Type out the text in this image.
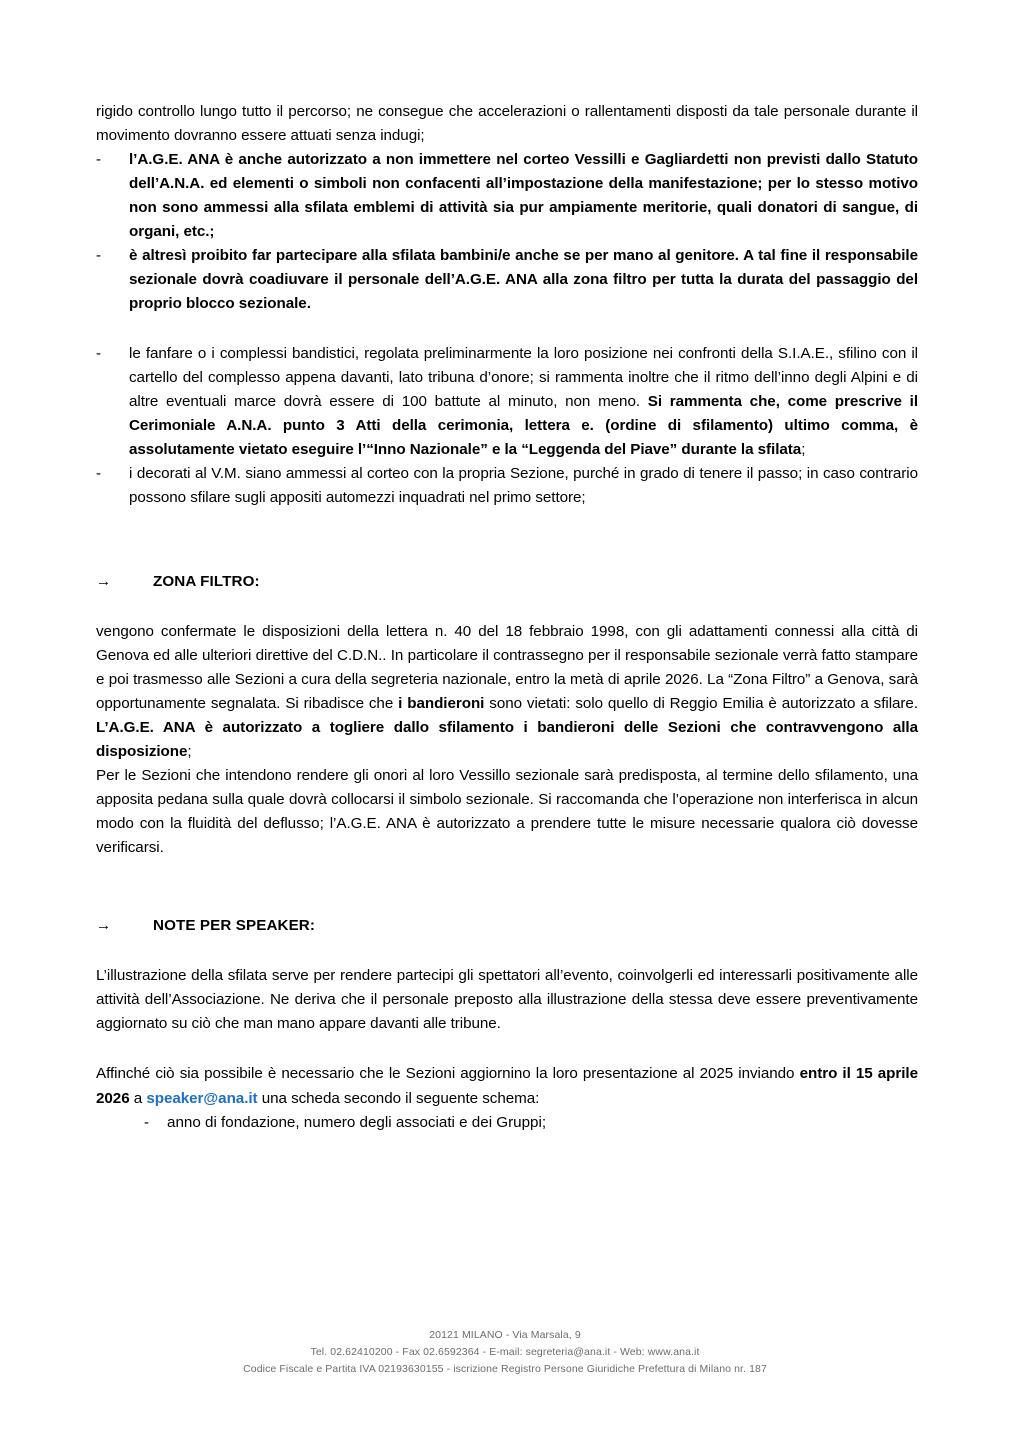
rigido controllo lungo tutto il percorso; ne consegue che accelerazioni o rallentamenti disposti da tale personale durante il movimento dovranno essere attuati senza indugi;

-	l’A.G.E. ANA è anche autorizzato a non immettere nel corteo Vessilli e Gagliardetti non previsti dallo Statuto dell’A.N.A. ed elementi o simboli non confacenti all’impostazione della manifestazione; per lo stesso motivo non sono ammessi alla sfilata emblemi di attività sia pur ampiamente meritorie, quali donatori di sangue, di organi, etc.;
-	è altresì proibito far partecipare alla sfilata bambini/e anche se per mano al genitore. A tal fine il responsabile sezionale dovrà coadiuvare il personale dell’A.G.E. ANA alla zona filtro per tutta la durata del passaggio del proprio blocco sezionale.
-	le fanfare o i complessi bandistici, regolata preliminarmente la loro posizione nei confronti della S.I.A.E., sfilino con il cartello del complesso appena davanti, lato tribuna d’onore; si rammenta inoltre che il ritmo dell’inno degli Alpini e di altre eventuali marce dovrà essere di 100 battute al minuto, non meno. Si rammenta che, come prescrive il Cerimoniale A.N.A. punto 3 Atti della cerimonia, lettera e. (ordine di sfilamento) ultimo comma, è assolutamente vietato eseguire l’“Inno Nazionale” e la “Leggenda del Piave” durante la sfilata;
-	i decorati al V.M. siano ammessi al corteo con la propria Sezione, purché in grado di tenere il passo; in caso contrario possono sfilare sugli appositi automezzi inquadrati nel primo settore;
→	ZONA FILTRO:

vengono confermate le disposizioni della lettera n. 40 del 18 febbraio 1998, con gli adattamenti connessi alla città di Genova ed alle ulteriori direttive del C.D.N.. In particolare il contrassegno per il responsabile sezionale verrà fatto stampare e poi trasmesso alle Sezioni a cura della segreteria nazionale, entro la metà di aprile 2026. La “Zona Filtro” a Genova, sarà opportunamente segnalata. Si ribadisce che i bandieroni sono vietati: solo quello di Reggio Emilia è autorizzato a sfilare. L’A.G.E. ANA è autorizzato a togliere dallo sfilamento i bandieroni delle Sezioni che contravvengono alla disposizione;

Per le Sezioni che intendono rendere gli onori al loro Vessillo sezionale sarà predisposta, al termine dello sfilamento, una apposita pedana sulla quale dovrà collocarsi il simbolo sezionale. Si raccomanda che l’operazione non interferisca in alcun modo con la fluidità del deflusso; l’A.G.E. ANA è autorizzato a prendere tutte le misure necessarie qualora ciò dovesse verificarsi.

→	NOTE PER SPEAKER:

L’illustrazione della sfilata serve per rendere partecipi gli spettatori all’evento, coinvolgerli ed interessarli positivamente alle attività dell’Associazione. Ne deriva che il personale preposto alla illustrazione della stessa deve essere preventivamente aggiornato su ciò che man mano appare davanti alle tribune.

Affinché ciò sia possibile è necessario che le Sezioni aggiornino la loro presentazione al 2025 inviando entro il 15 aprile 2026 a speaker@ana.it una scheda secondo il seguente schema:

-	anno di fondazione, numero degli associati e dei Gruppi;
20121 MILANO - Via Marsala, 9
Tel. 02.62410200 - Fax 02.6592364 - E-mail: segreteria@ana.it - Web: www.ana.it
Codice Fiscale e Partita IVA 02193630155 - iscrizione Registro Persone Giuridiche Prefettura di Milano nr. 187
